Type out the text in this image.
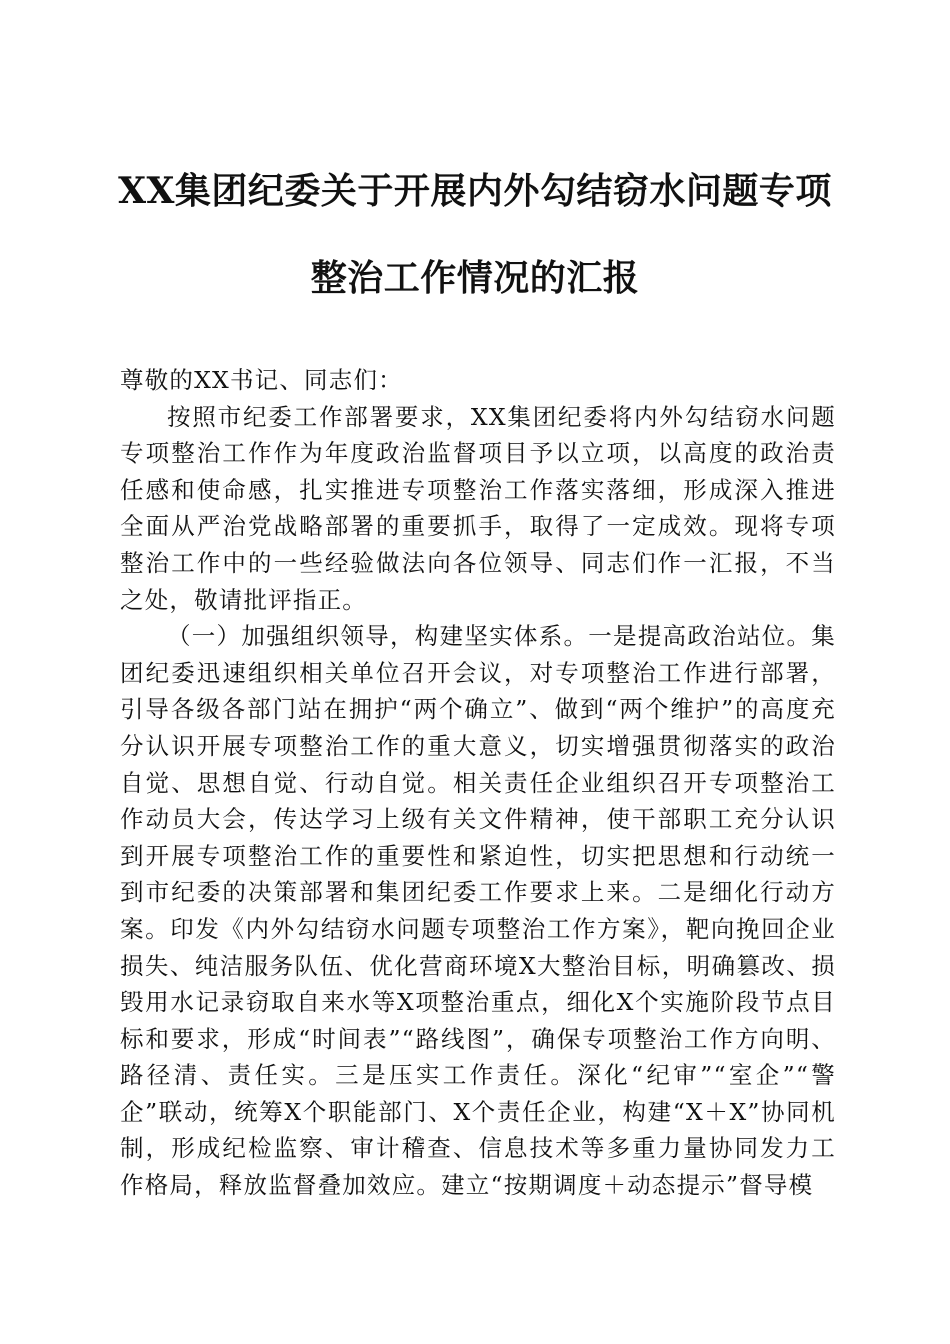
XX集团纪委关于开展内外勾结窃水问题专项
整治工作情况的汇报
尊敬的XX书记、同志们：
按照市纪委工作部署要求，XX集团纪委将内外勾结窃水问题专项整治工作作为年度政治监督项目予以立项，以高度的政治责任感和使命感，扎实推进专项整治工作落实落细，形成深入推进全面从严治党战略部署的重要抓手，取得了一定成效。现将专项整治工作中的一些经验做法向各位领导、同志们作一汇报，不当之处，敬请批评指正。
（一）加强组织领导，构建坚实体系。一是提高政治站位。集团纪委迅速组织相关单位召开会议，对专项整治工作进行部署，引导各级各部门站在拥护“两个确立”、做到“两个维护”的高度充分认识开展专项整治工作的重大意义，切实增强贯彻落实的政治自觉、思想自觉、行动自觉。相关责任企业组织召开专项整治工作动员大会，传达学习上级有关文件精神，使干部职工充分认识到开展专项整治工作的重要性和紧迫性，切实把思想和行动统一到市纪委的决策部署和集团纪委工作要求上来。二是细化行动方案。印发《内外勾结窃水问题专项整治工作方案》，靶向挽回企业损失、纯洁服务队伍、优化营商环境X大整治目标，明确篡改、损毁用水记录窃取自来水等X项整治重点，细化X个实施阶段节点目标和要求，形成“时间表”“路线图”，确保专项整治工作方向明、路径清、责任实。三是压实工作责任。深化“纪审”“室企”“警企”联动，统筹X个职能部门、X个责任企业，构建“X＋X”协同机制，形成纪检监察、审计稽查、信息技术等多重力量协同发力工作格局，释放监督叠加效应。建立“按期调度＋动态提示”督导模
